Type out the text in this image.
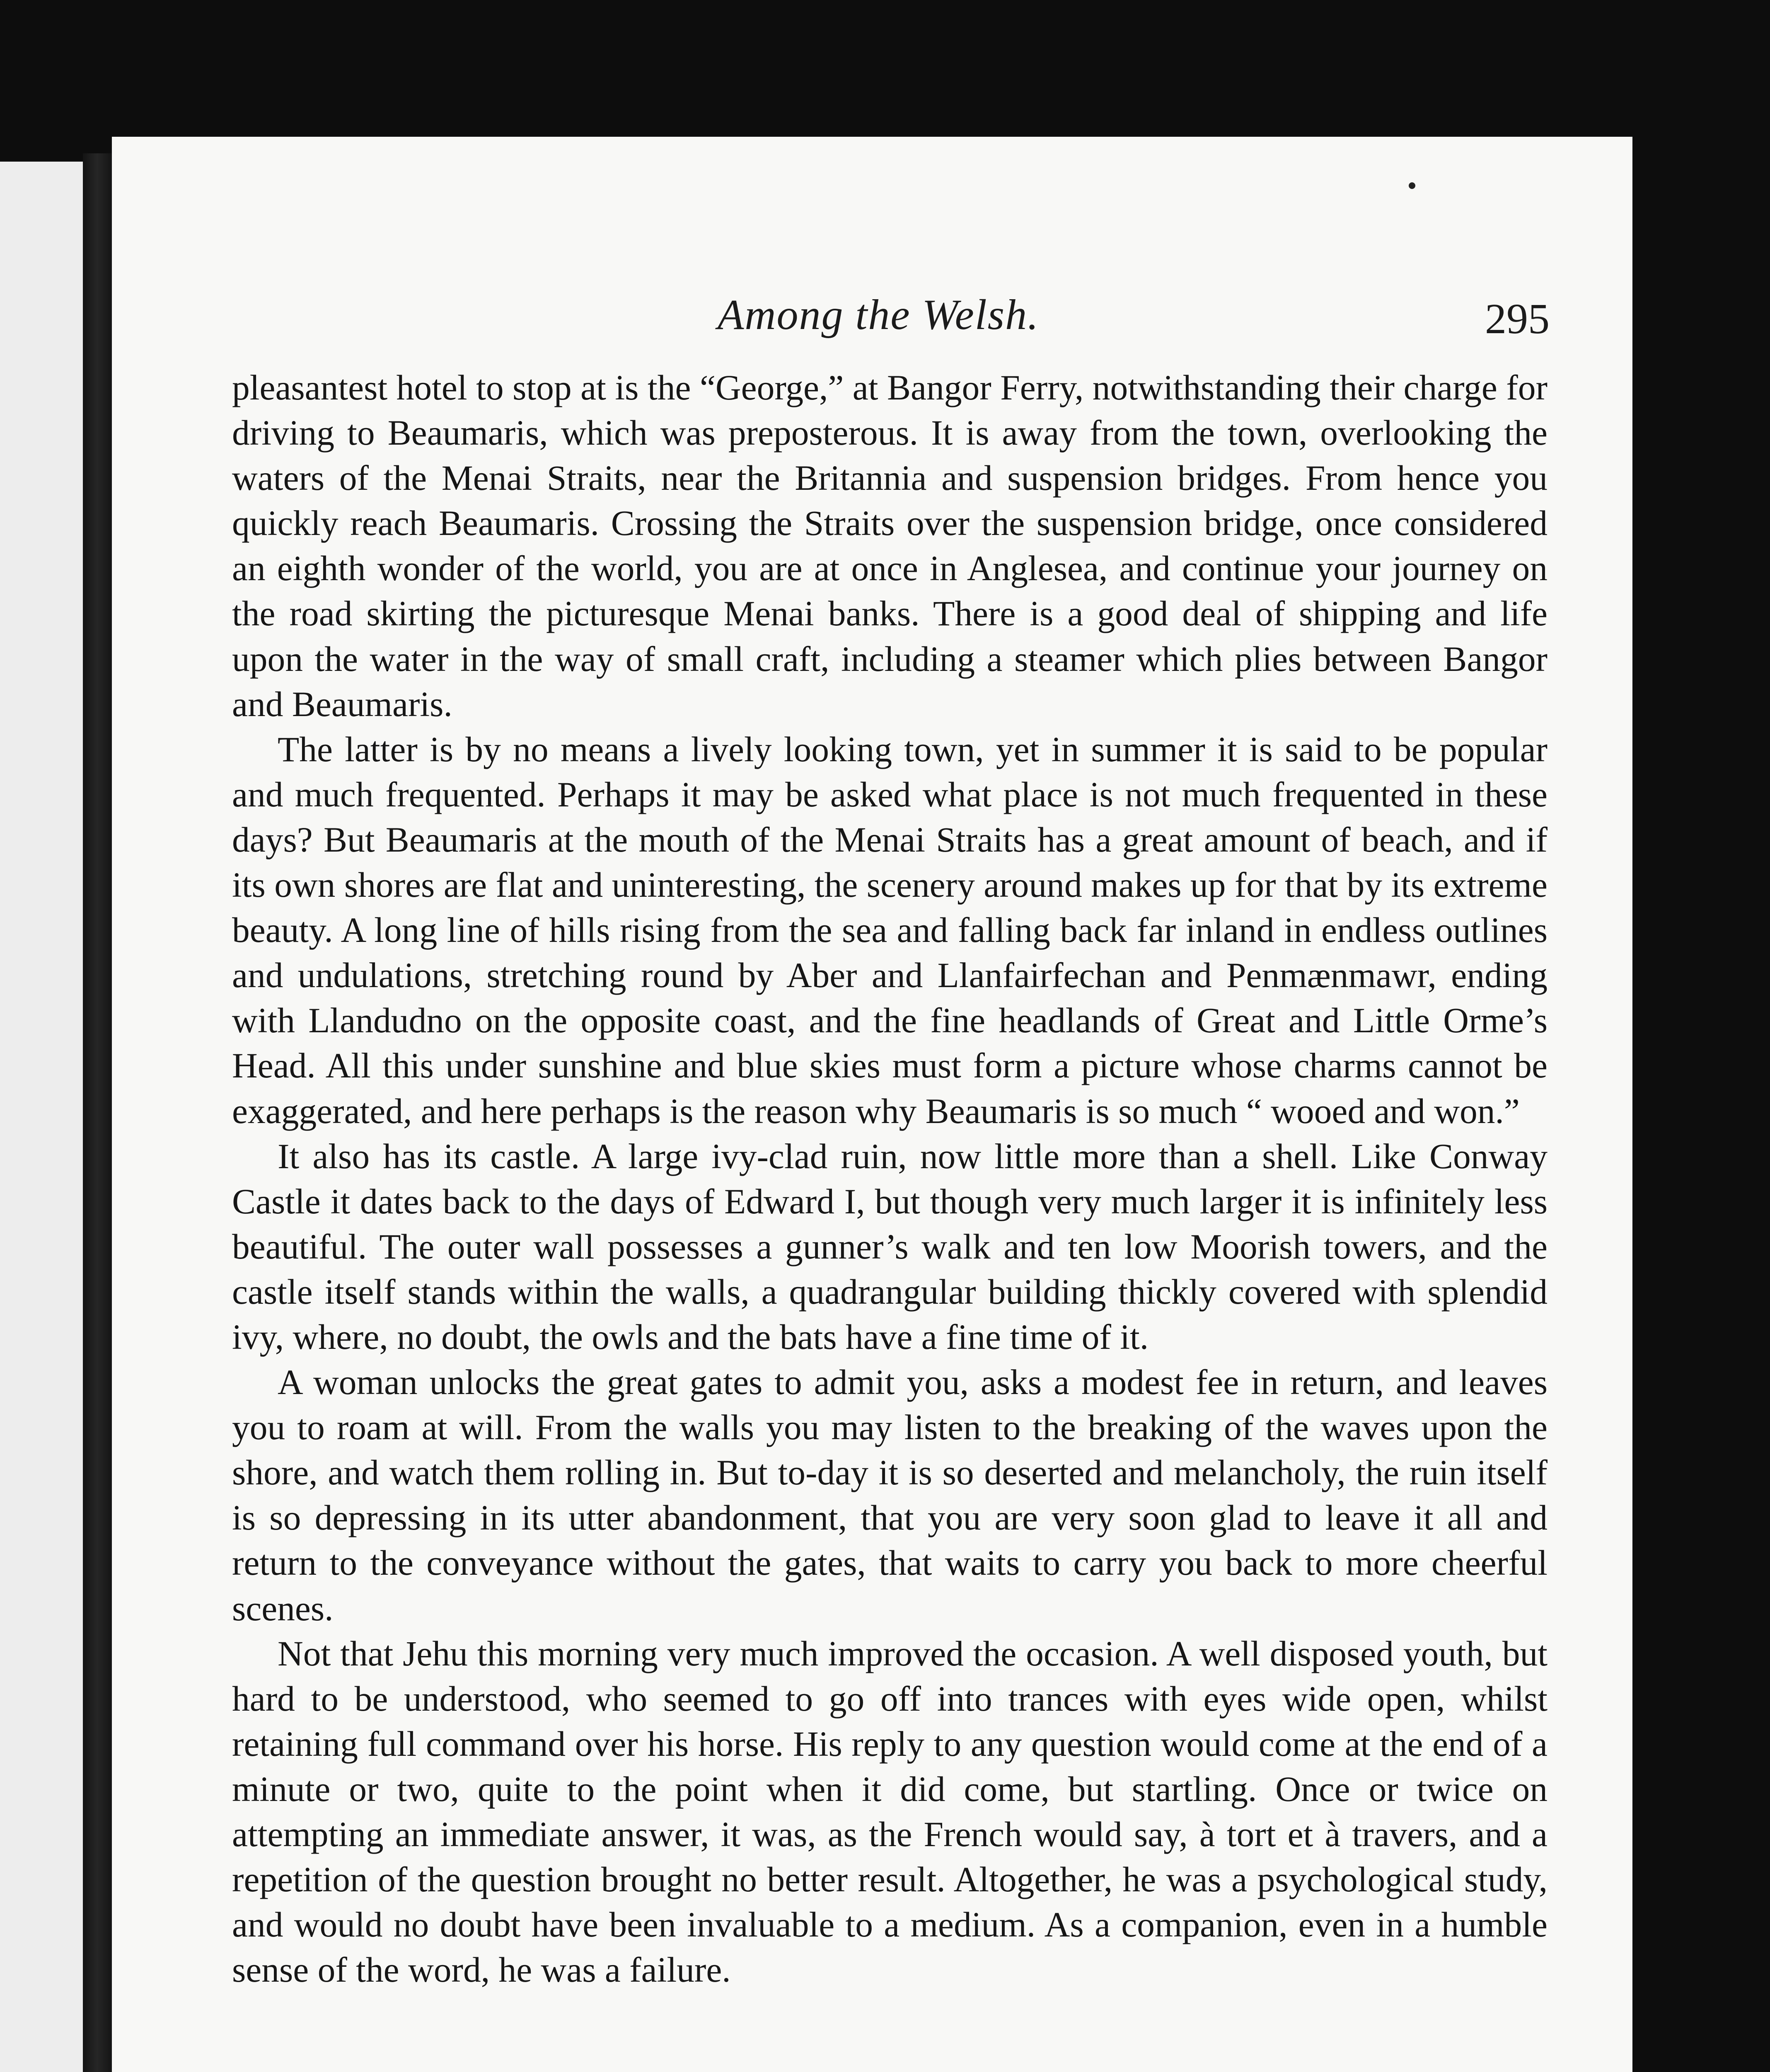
Among the Welsh.	295

pleasantest hotel to stop at is the “George,” at Bangor Ferry, notwithstanding their charge for driving to Beaumaris, which was preposterous. It is away from the town, overlooking the waters of the Menai Straits, near the Britannia and suspension bridges. From hence you quickly reach Beaumaris. Crossing the Straits over the suspension bridge, once considered an eighth wonder of the world, you are at once in Anglesea, and continue your journey on the road skirting the picturesque Menai banks. There is a good deal of shipping and life upon the water in the way of small craft, including a steamer which plies between Bangor and Beaumaris.

The latter is by no means a lively looking town, yet in summer it is said to be popular and much frequented. Perhaps it may be asked what place is not much frequented in these days? But Beaumaris at the mouth of the Menai Straits has a great amount of beach, and if its own shores are flat and uninteresting, the scenery around makes up for that by its extreme beauty. A long line of hills rising from the sea and falling back far inland in endless outlines and undulations, stretching round by Aber and Llanfairfechan and Penmænmawr, ending with Llandudno on the opposite coast, and the fine headlands of Great and Little Orme’s Head. All this under sunshine and blue skies must form a picture whose charms cannot be exaggerated, and here perhaps is the reason why Beaumaris is so much “ wooed and won.”

It also has its castle. A large ivy-clad ruin, now little more than a shell. Like Conway Castle it dates back to the days of Edward I, but though very much larger it is infinitely less beautiful. The outer wall possesses a gunner’s walk and ten low Moorish towers, and the castle itself stands within the walls, a quadrangular building thickly covered with splendid ivy, where, no doubt, the owls and the bats have a fine time of it.

A woman unlocks the great gates to admit you, asks a modest fee in return, and leaves you to roam at will. From the walls you may listen to the breaking of the waves upon the shore, and watch them rolling in. But to-day it is so deserted and melancholy, the ruin itself is so depressing in its utter abandonment, that you are very soon glad to leave it all and return to the conveyance without the gates, that waits to carry you back to more cheerful scenes.

Not that Jehu this morning very much improved the occasion. A well disposed youth, but hard to be understood, who seemed to go off into trances with eyes wide open, whilst retaining full command over his horse. His reply to any question would come at the end of a minute or two, quite to the point when it did come, but startling. Once or twice on attempting an immediate answer, it was, as the French would say, à tort et à travers, and a repetition of the question brought no better result. Altogether, he was a psychological study, and would no doubt have been invaluable to a medium. As a companion, even in a humble sense of the word, he was a failure.
